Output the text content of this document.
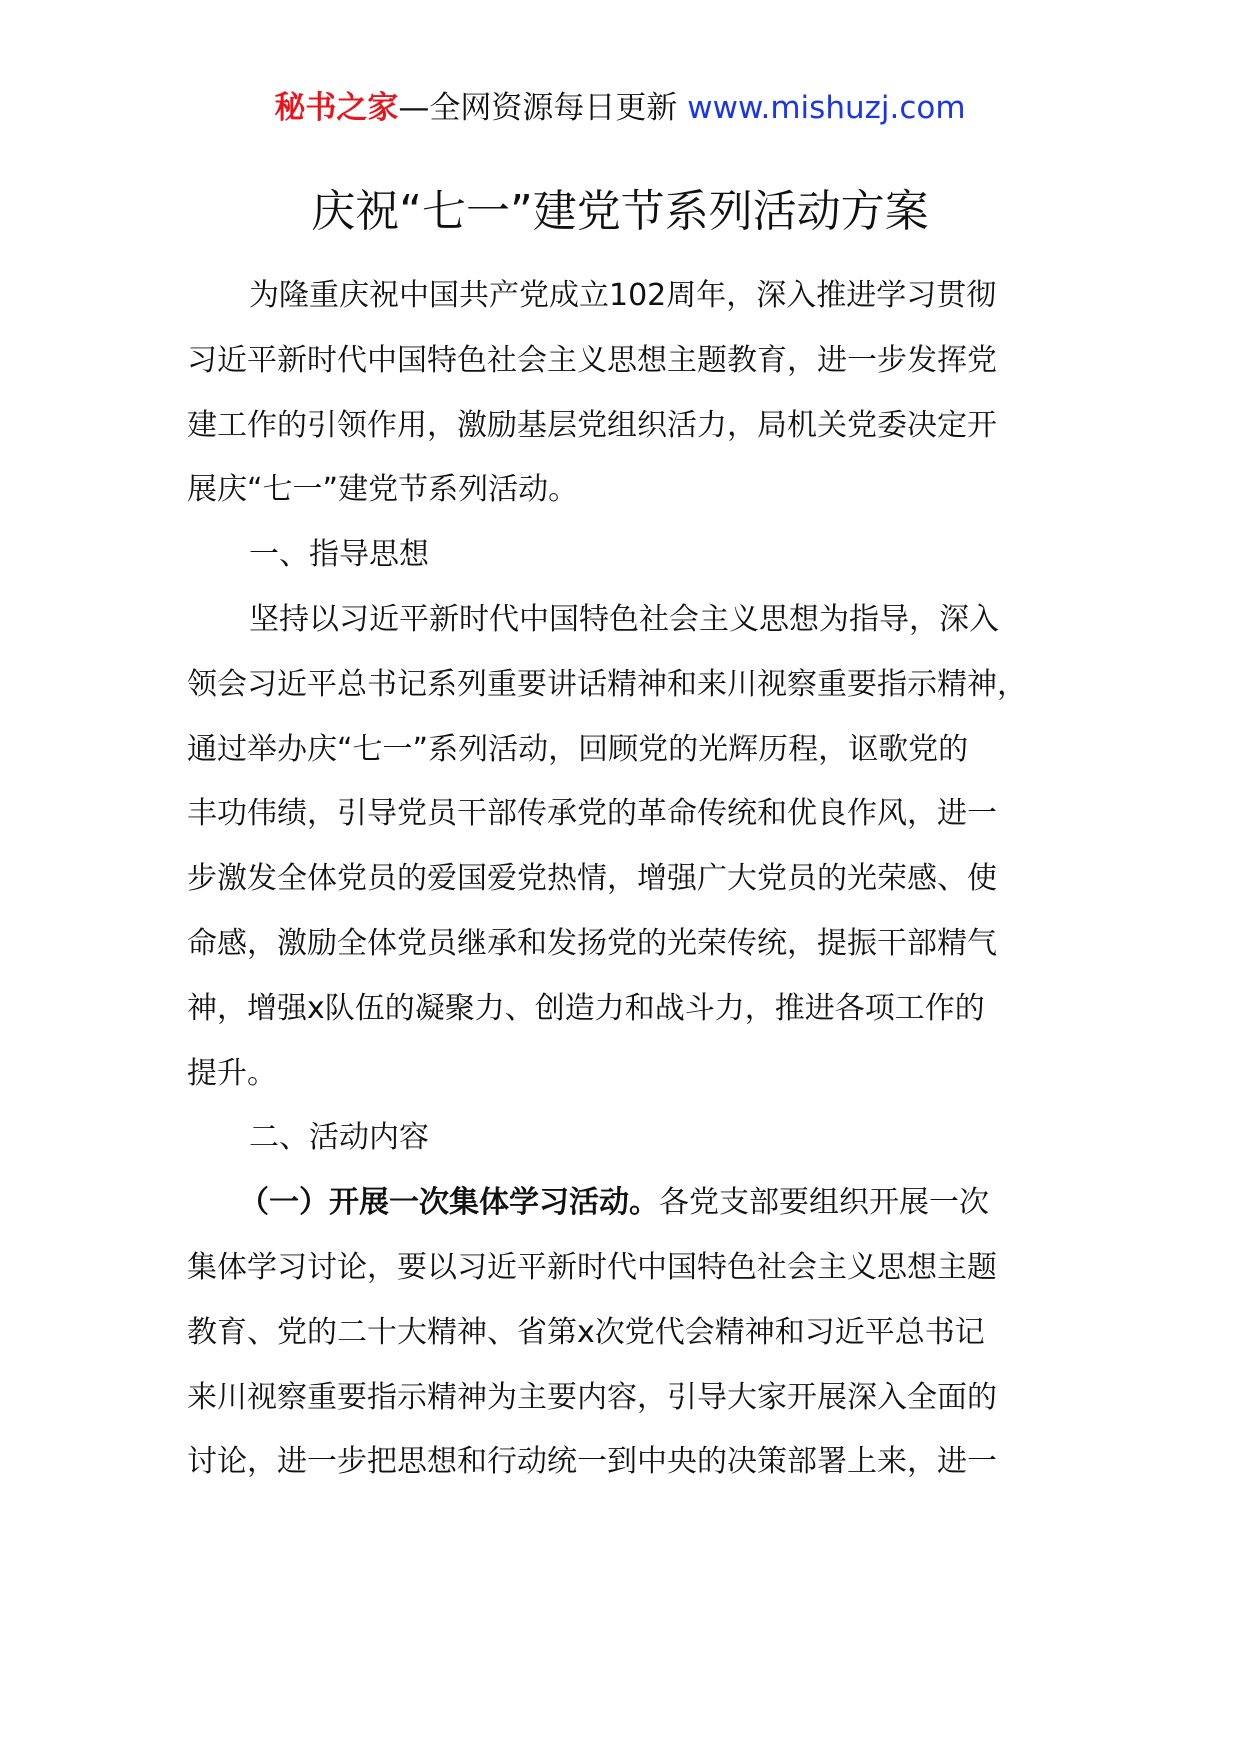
秘书之家—全网资源每日更新 www.mishuzj.com
庆祝“七一”建党节系列活动方案
为隆重庆祝中国共产党成立102周年，深入推进学习贯彻
习近平新时代中国特色社会主义思想主题教育，进一步发挥党
建工作的引领作用，激励基层党组织活力，局机关党委决定开
展庆“七一”建党节系列活动。
一、指导思想
坚持以习近平新时代中国特色社会主义思想为指导，深入
领会习近平总书记系列重要讲话精神和来川视察重要指示精神，
通过举办庆“七一”系列活动，回顾党的光辉历程，讴歌党的
丰功伟绩，引导党员干部传承党的革命传统和优良作风，进一
步激发全体党员的爱国爱党热情，增强广大党员的光荣感、使
命感，激励全体党员继承和发扬党的光荣传统，提振干部精气
神，增强x队伍的凝聚力、创造力和战斗力，推进各项工作的
提升。
二、活动内容
（一）开展一次集体学习活动。各党支部要组织开展一次
集体学习讨论，要以习近平新时代中国特色社会主义思想主题
教育、党的二十大精神、省第x次党代会精神和习近平总书记
来川视察重要指示精神为主要内容，引导大家开展深入全面的
讨论，进一步把思想和行动统一到中央的决策部署上来，进一
